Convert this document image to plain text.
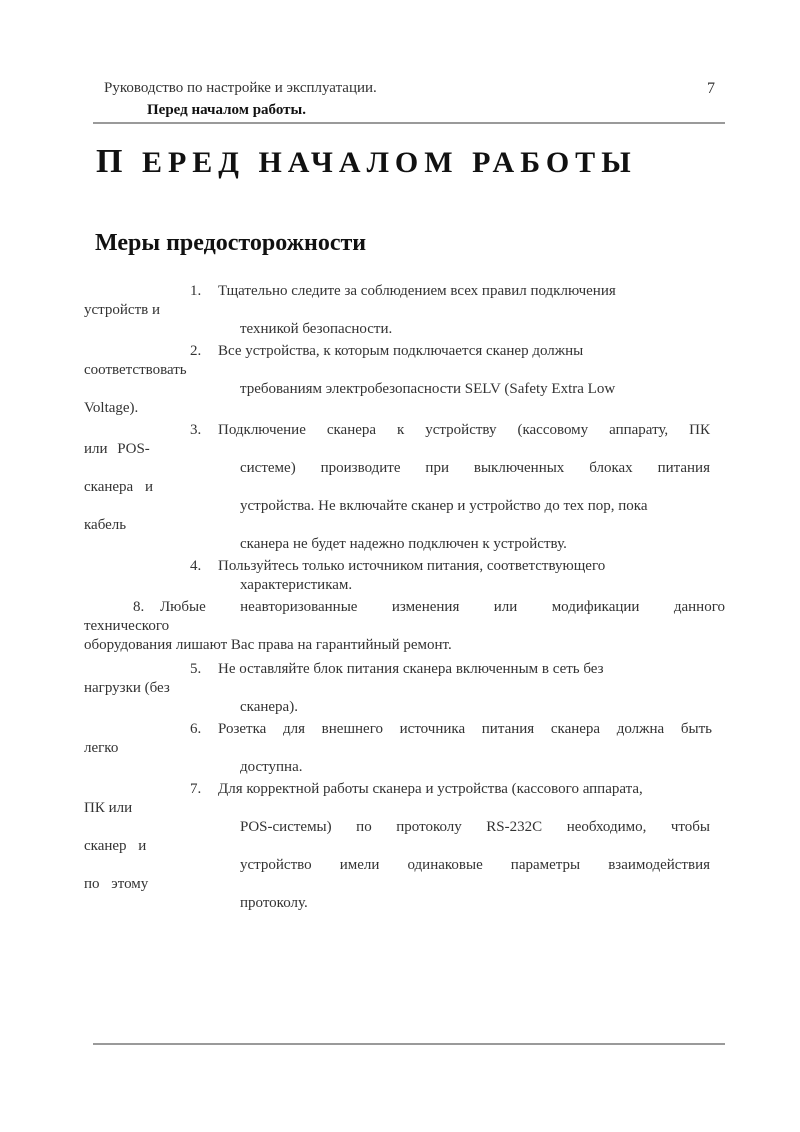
Руководство по настройке и эксплуатации.
Перед началом работы.
7
П ЕРЕД НАЧАЛОМ РАБОТЫ
Меры предосторожности
1. Тщательно следите за соблюдением всех правил подключения
устройств и
техникой безопасности.
2. Все устройства, к которым подключается сканер должны
соответствовать
требованиям электробезопасности SELV (Safety Extra Low
Voltage).
3. Подключение сканера к устройству (кассовому аппарату, ПК
или POS-
системе) производите при выключенных блоках питания
сканера и
устройства. Не включайте сканер и устройство до тех пор, пока
кабель
сканера не будет надежно подключен к устройству.
4. Пользуйтесь только источником питания, соответствующего
характеристикам.
8. Любые неавторизованные изменения или модификации данного
технического
оборудования лишают Вас права на гарантийный ремонт.
5. Не оставляйте блок питания сканера включенным в сеть без
нагрузки (без
сканера).
6. Розетка для внешнего источника питания сканера должна быть
легко
доступна.
7. Для корректной работы сканера и устройства (кассового аппарата,
ПК или
POS-системы) по протоколу RS-232C необходимо, чтобы
сканер и
устройство имели одинаковые параметры взаимодействия
по этому
протоколу.
